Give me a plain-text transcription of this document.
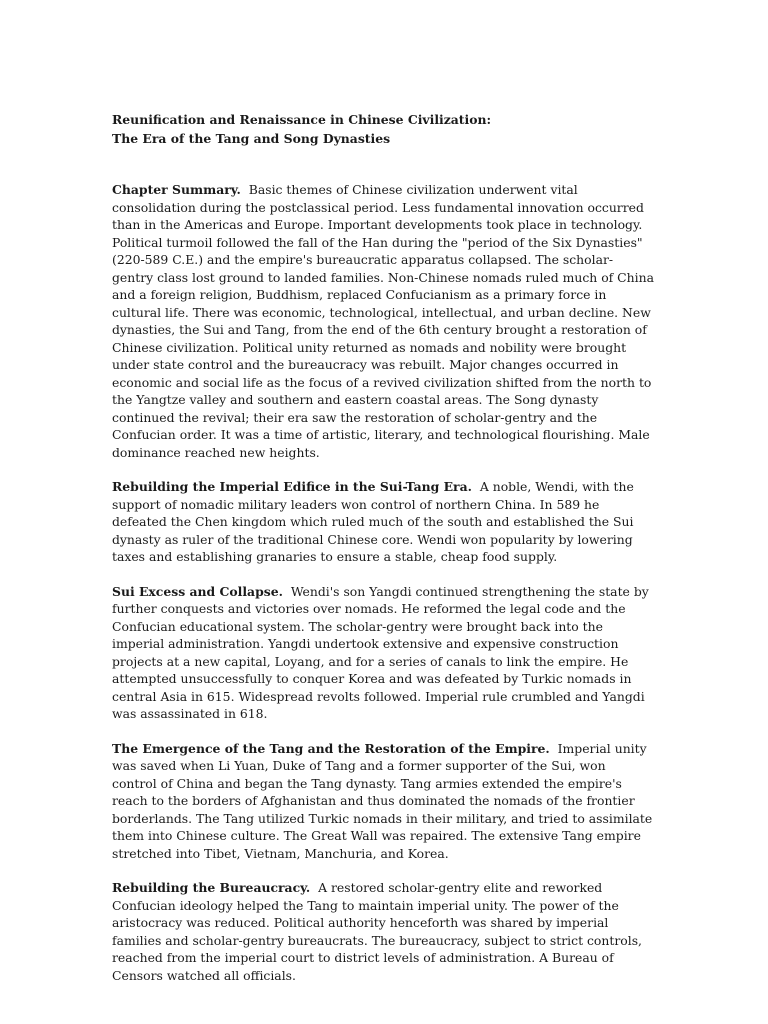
Reunification and Renaissance in Chinese Civilization:

The Era of the Tang and Song Dynasties

Chapter Summary. Basic themes of Chinese civilization underwent vital consolidation during the postclassical period. Less fundamental innovation occurred than in the Americas and Europe. Important developments took place in technology. Political turmoil followed the fall of the Han during the "period of the Six Dynasties" (220-589 C.E.) and the empire's bureaucratic apparatus collapsed. The scholar-gentry class lost ground to landed families. Non-Chinese nomads ruled much of China and a foreign religion, Buddhism, replaced Confucianism as a primary force in cultural life. There was economic, technological, intellectual, and urban decline. New dynasties, the Sui and Tang, from the end of the 6th century brought a restoration of Chinese civilization. Political unity returned as nomads and nobility were brought under state control and the bureaucracy was rebuilt. Major changes occurred in economic and social life as the focus of a revived civilization shifted from the north to the Yangtze valley and southern and eastern coastal areas. The Song dynasty continued the revival; their era saw the restoration of scholar-gentry and the Confucian order. It was a time of artistic, literary, and technological flourishing. Male dominance reached new heights.

Rebuilding the Imperial Edifice in the Sui-Tang Era. A noble, Wendi, with the support of nomadic military leaders won control of northern China. In 589 he defeated the Chen kingdom which ruled much of the south and established the Sui dynasty as ruler of the traditional Chinese core. Wendi won popularity by lowering taxes and establishing granaries to ensure a stable, cheap food supply.

Sui Excess and Collapse. Wendi's son Yangdi continued strengthening the state by further conquests and victories over nomads. He reformed the legal code and the Confucian educational system. The scholar-gentry were brought back into the imperial administration. Yangdi undertook extensive and expensive construction projects at a new capital, Loyang, and for a series of canals to link the empire. He attempted unsuccessfully to conquer Korea and was defeated by Turkic nomads in central Asia in 615. Widespread revolts followed. Imperial rule crumbled and Yangdi was assassinated in 618.

The Emergence of the Tang and the Restoration of the Empire. Imperial unity was saved when Li Yuan, Duke of Tang and a former supporter of the Sui, won control of China and began the Tang dynasty. Tang armies extended the empire's reach to the borders of Afghanistan and thus dominated the nomads of the frontier borderlands. The Tang utilized Turkic nomads in their military, and tried to assimilate them into Chinese culture. The Great Wall was repaired. The extensive Tang empire stretched into Tibet, Vietnam, Manchuria, and Korea.

Rebuilding the Bureaucracy. A restored scholar-gentry elite and reworked Confucian ideology helped the Tang to maintain imperial unity. The power of the aristocracy was reduced. Political authority henceforth was shared by imperial families and scholar-gentry bureaucrats. The bureaucracy, subject to strict controls, reached from the imperial court to district levels of administration. A Bureau of Censors watched all officials.
